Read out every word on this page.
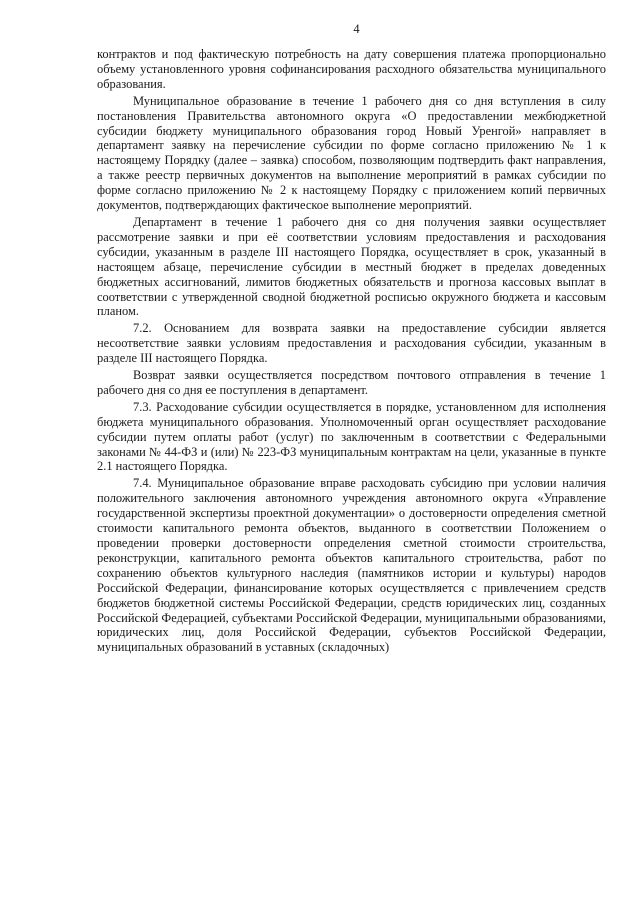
4

контрактов и под фактическую потребность на дату совершения платежа пропорционально объему установленного уровня софинансирования расходного обязательства муниципального образования.

Муниципальное образование в течение 1 рабочего дня со дня вступления в силу постановления Правительства автономного округа «О предоставлении межбюджетной субсидии бюджету муниципального образования город Новый Уренгой» направляет в департамент заявку на перечисление субсидии по форме согласно приложению № 1 к настоящему Порядку (далее – заявка) способом, позволяющим подтвердить факт направления, а также реестр первичных документов на выполнение мероприятий в рамках субсидии по форме согласно приложению № 2 к настоящему Порядку с приложением копий первичных документов, подтверждающих фактическое выполнение мероприятий.

Департамент в течение 1 рабочего дня со дня получения заявки осуществляет рассмотрение заявки и при её соответствии условиям предоставления и расходования субсидии, указанным в разделе III настоящего Порядка, осуществляет в срок, указанный в настоящем абзаце, перечисление субсидии в местный бюджет в пределах доведенных бюджетных ассигнований, лимитов бюджетных обязательств и прогноза кассовых выплат в соответствии с утвержденной сводной бюджетной росписью окружного бюджета и кассовым планом.

7.2. Основанием для возврата заявки на предоставление субсидии является несоответствие заявки условиям предоставления и расходования субсидии, указанным в разделе III настоящего Порядка.

Возврат заявки осуществляется посредством почтового отправления в течение 1 рабочего дня со дня ее поступления в департамент.

7.3. Расходование субсидии осуществляется в порядке, установленном для исполнения бюджета муниципального образования. Уполномоченный орган осуществляет расходование субсидии путем оплаты работ (услуг) по заключенным в соответствии с Федеральными законами № 44-ФЗ и (или) № 223-ФЗ муниципальным контрактам на цели, указанные в пункте 2.1 настоящего Порядка.

7.4. Муниципальное образование вправе расходовать субсидию при условии наличия положительного заключения автономного учреждения автономного округа «Управление государственной экспертизы проектной документации» о достоверности определения сметной стоимости капитального ремонта объектов, выданного в соответствии Положением о проведении проверки достоверности определения сметной стоимости строительства, реконструкции, капитального ремонта объектов капитального строительства, работ по сохранению объектов культурного наследия (памятников истории и культуры) народов Российской Федерации, финансирование которых осуществляется с привлечением средств бюджетов бюджетной системы Российской Федерации, средств юридических лиц, созданных Российской Федерацией, субъектами Российской Федерации, муниципальными образованиями, юридических лиц, доля Российской Федерации, субъектов Российской Федерации, муниципальных образований в уставных (складочных)
